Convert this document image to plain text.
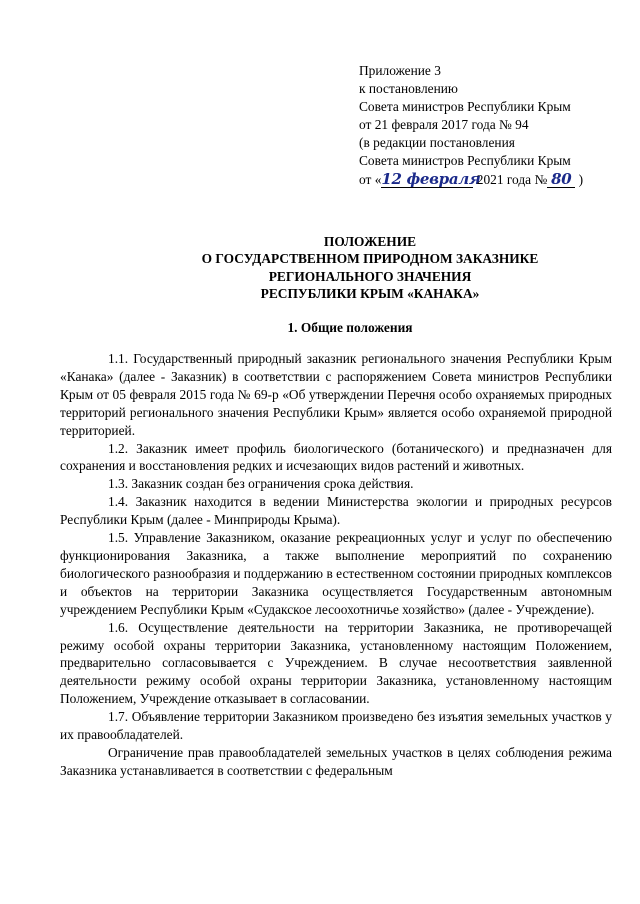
Приложение 3
к постановлению
Совета министров Республики Крым
от 21 февраля 2017 года № 94
(в редакции постановления
Совета министров Республики Крым
от «12 февраля 2021 года № 80 )
ПОЛОЖЕНИЕ
О ГОСУДАРСТВЕННОМ ПРИРОДНОМ ЗАКАЗНИКЕ
РЕГИОНАЛЬНОГО ЗНАЧЕНИЯ
РЕСПУБЛИКИ КРЫМ «КАНАКА»
1. Общие положения

1.1. Государственный природный заказник регионального значения Республики Крым «Канака» (далее - Заказник) в соответствии с распоряжением Совета министров Республики Крым от 05 февраля 2015 года № 69-р «Об утверждении Перечня особо охраняемых природных территорий регионального значения Республики Крым» является особо охраняемой природной территорией.

1.2. Заказник имеет профиль биологического (ботанического) и предназначен для сохранения и восстановления редких и исчезающих видов растений и животных.

1.3. Заказник создан без ограничения срока действия.

1.4. Заказник находится в ведении Министерства экологии и природных ресурсов Республики Крым (далее - Минприроды Крыма).

1.5. Управление Заказником, оказание рекреационных услуг и услуг по обеспечению функционирования Заказника, а также выполнение мероприятий по сохранению биологического разнообразия и поддержанию в естественном состоянии природных комплексов и объектов на территории Заказника осуществляется Государственным автономным учреждением Республики Крым «Судакское лесоохотничье хозяйство» (далее - Учреждение).

1.6. Осуществление деятельности на территории Заказника, не противоречащей режиму особой охраны территории Заказника, установленному настоящим Положением, предварительно согласовывается с Учреждением. В случае несоответствия заявленной деятельности режиму особой охраны территории Заказника, установленному настоящим Положением, Учреждение отказывает в согласовании.

1.7. Объявление территории Заказником произведено без изъятия земельных участков у их правообладателей.

Ограничение прав правообладателей земельных участков в целях соблюдения режима Заказника устанавливается в соответствии с федеральным
